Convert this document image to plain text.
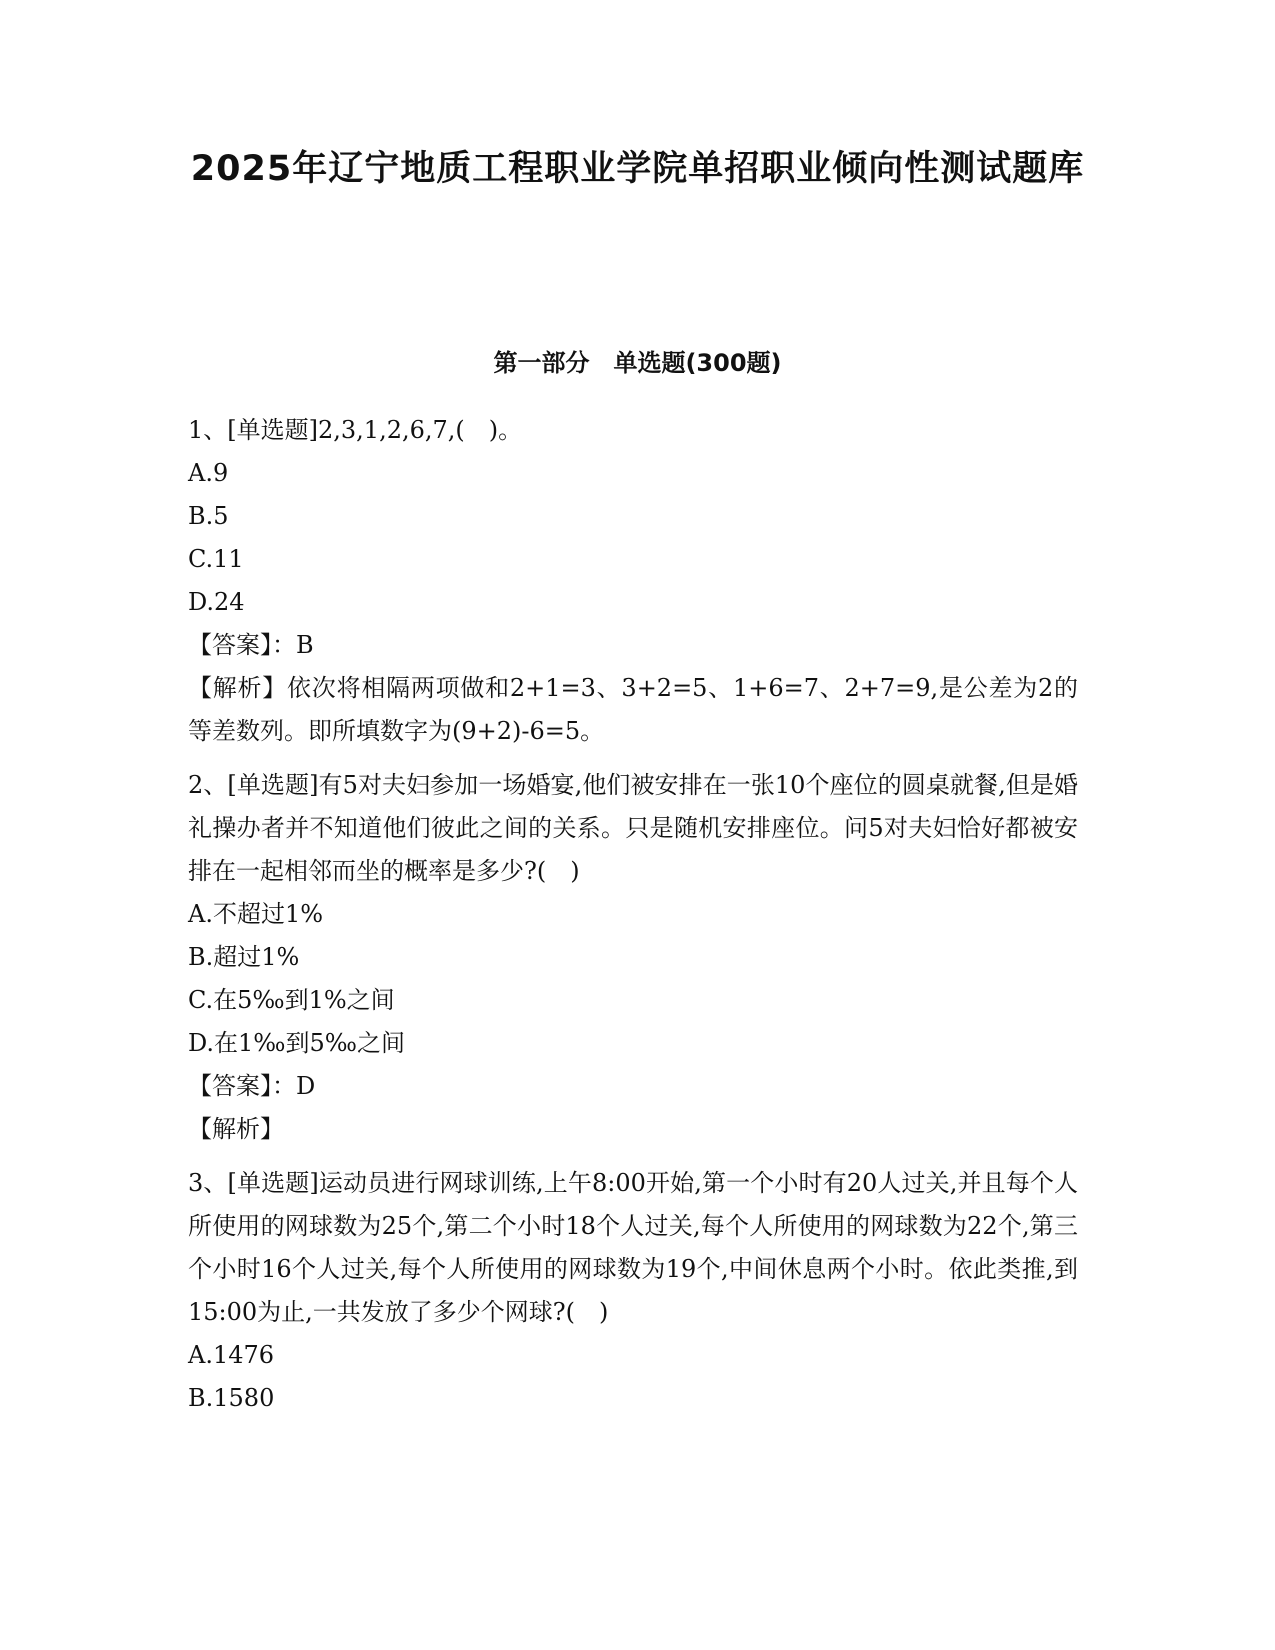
2025年辽宁地质工程职业学院单招职业倾向性测试题库
第一部分　单选题(300题)
1、[单选题]2,3,1,2,6,7,(　)。
A.9
B.5
C.11
D.24
【答案】：B
【解析】依次将相隔两项做和2+1=3、3+2=5、1+6=7、2+7=9,是公差为2的等差数列。即所填数字为(9+2)-6=5。
2、[单选题]有5对夫妇参加一场婚宴,他们被安排在一张10个座位的圆桌就餐,但是婚礼操办者并不知道他们彼此之间的关系。只是随机安排座位。问5对夫妇恰好都被安排在一起相邻而坐的概率是多少?(　)
A.不超过1%
B.超过1%
C.在5‰到1%之间
D.在1‰到5‰之间
【答案】：D
【解析】
3、[单选题]运动员进行网球训练,上午8:00开始,第一个小时有20人过关,并且每个人所使用的网球数为25个,第二个小时18个人过关,每个人所使用的网球数为22个,第三个小时16个人过关,每个人所使用的网球数为19个,中间休息两个小时。依此类推,到15:00为止,一共发放了多少个网球?(　)
A.1476
B.1580
